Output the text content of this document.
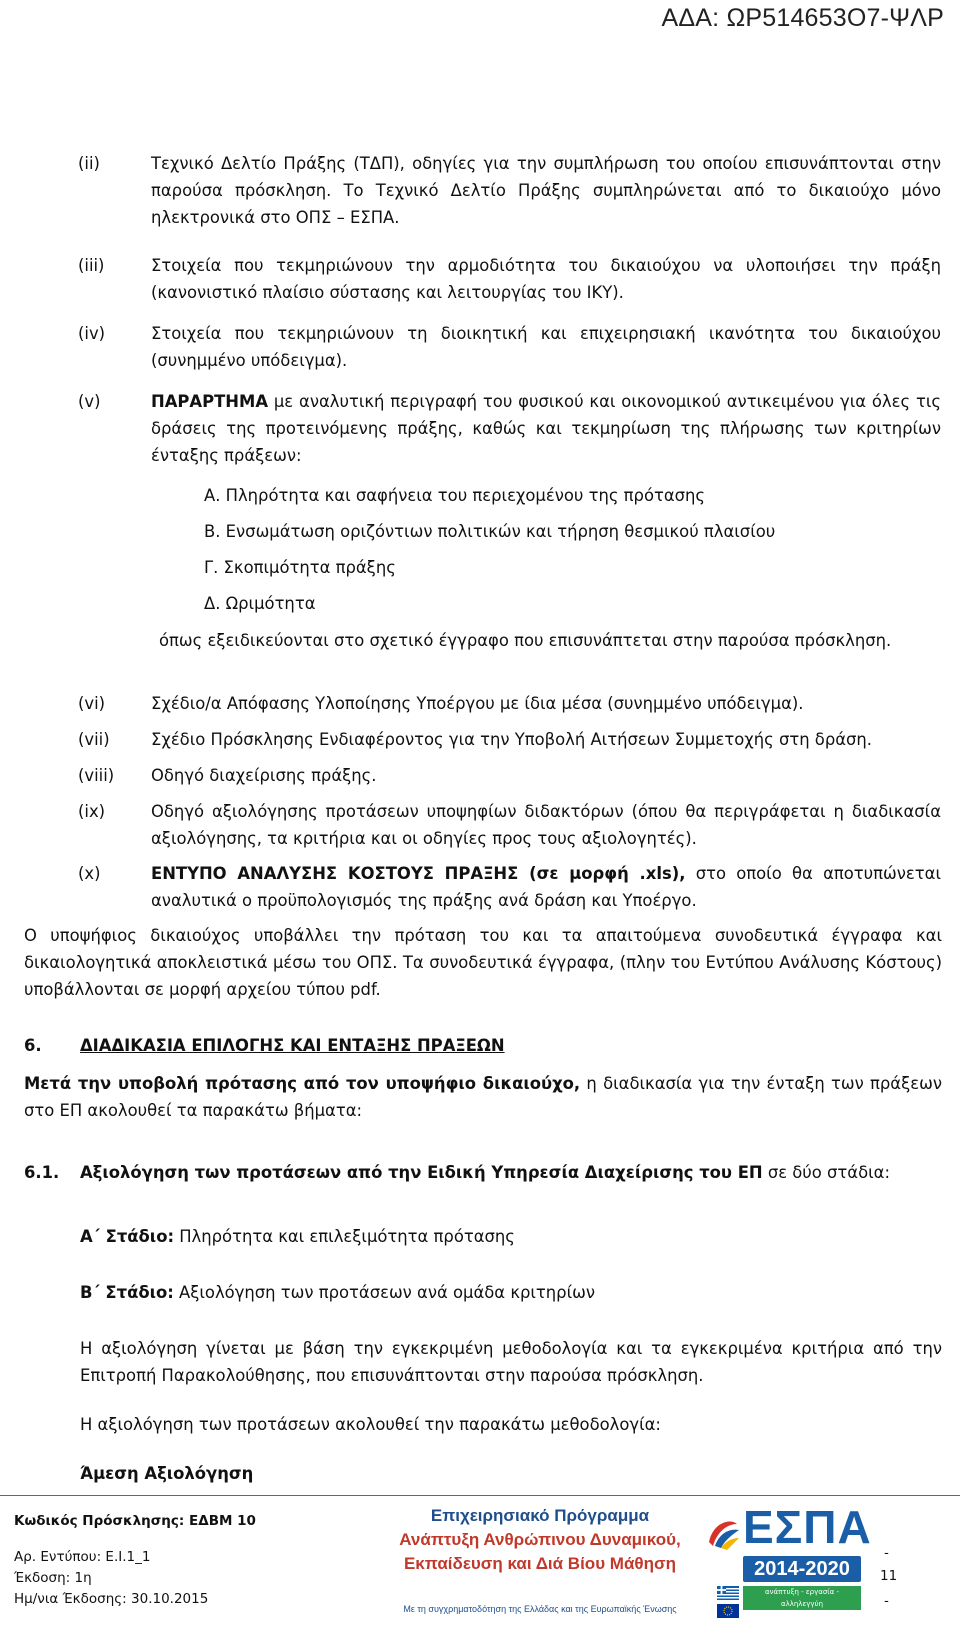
ΑΔΑ: ΩΡ514653Ο7-ΨΛΡ
(ii)	Τεχνικό Δελτίο Πράξης (ΤΔΠ), οδηγίες για την συμπλήρωση του οποίου επισυνάπτονται στην παρούσα πρόσκληση. Το Τεχνικό Δελτίο Πράξης συμπληρώνεται από το δικαιούχο μόνο ηλεκτρονικά στο ΟΠΣ – ΕΣΠΑ.
(iii)	Στοιχεία που τεκμηριώνουν την αρμοδιότητα του δικαιούχου να υλοποιήσει την πράξη (κανονιστικό πλαίσιο σύστασης και λειτουργίας του ΙΚΥ).
(iv)	Στοιχεία που τεκμηριώνουν τη διοικητική και επιχειρησιακή ικανότητα του δικαιούχου (συνημμένο υπόδειγμα).
(v)	ΠΑΡΑΡΤΗΜΑ με αναλυτική περιγραφή του φυσικού και οικονομικού αντικειμένου για όλες τις δράσεις της προτεινόμενης πράξης, καθώς και τεκμηρίωση της πλήρωσης των κριτηρίων ένταξης πράξεων:
Α. Πληρότητα και σαφήνεια του περιεχομένου της πρότασης
Β. Ενσωμάτωση οριζόντιων πολιτικών και τήρηση θεσμικού πλαισίου
Γ. Σκοπιμότητα πράξης
Δ. Ωριμότητα
όπως εξειδικεύονται στο σχετικό έγγραφο που επισυνάπτεται στην παρούσα πρόσκληση.
(vi)	Σχέδιο/α Απόφασης Υλοποίησης Υποέργου με ίδια μέσα (συνημμένο υπόδειγμα).
(vii)	Σχέδιο Πρόσκλησης Ενδιαφέροντος για την Υποβολή Αιτήσεων Συμμετοχής στη δράση.
(viii) Οδηγό διαχείρισης πράξης.
(ix)	Οδηγό αξιολόγησης προτάσεων υποψηφίων διδακτόρων (όπου θα περιγράφεται η διαδικασία αξιολόγησης, τα κριτήρια και οι οδηγίες προς τους αξιολογητές).
(x)	ΕΝΤΥΠΟ ΑΝΑΛΥΣΗΣ ΚΟΣΤΟΥΣ ΠΡΑΞΗΣ (σε μορφή .xls), στο οποίο θα αποτυπώνεται αναλυτικά ο προϋπολογισμός της πράξης ανά δράση και Υποέργο.
Ο υποψήφιος δικαιούχος υποβάλλει την πρόταση του και τα απαιτούμενα συνοδευτικά έγγραφα και δικαιολογητικά αποκλειστικά μέσω του ΟΠΣ. Τα συνοδευτικά έγγραφα, (πλην του Εντύπου Ανάλυσης Κόστους) υποβάλλονται σε μορφή αρχείου τύπου pdf.
6. ΔΙΑΔΙΚΑΣΙΑ ΕΠΙΛΟΓΗΣ ΚΑΙ ΕΝΤΑΞΗΣ ΠΡΑΞΕΩΝ
Μετά την υποβολή πρότασης από τον υποψήφιο δικαιούχο, η διαδικασία για την ένταξη των πράξεων στο ΕΠ ακολουθεί τα παρακάτω βήματα:
6.1. Αξιολόγηση των προτάσεων από την Ειδική Υπηρεσία Διαχείρισης του ΕΠ σε δύο στάδια:
Α΄ Στάδιο: Πληρότητα και επιλεξιμότητα πρότασης
Β΄ Στάδιο: Αξιολόγηση των προτάσεων ανά ομάδα κριτηρίων
Η αξιολόγηση γίνεται με βάση την εγκεκριμένη μεθοδολογία και τα εγκεκριμένα κριτήρια από την Επιτροπή Παρακολούθησης, που επισυνάπτονται στην παρούσα πρόσκληση.
Η αξιολόγηση των προτάσεων ακολουθεί την παρακάτω μεθοδολογία:
Άμεση Αξιολόγηση
Κωδικός Πρόσκλησης: ΕΔΒΜ 10
Αρ. Εντύπου: Ε.Ι.1_1
Έκδοση: 1η
Ημ/νια Έκδοσης: 30.10.2015
Επιχειρησιακό Πρόγραμμα
Ανάπτυξη Ανθρώπινου Δυναμικού,
Εκπαίδευση και Διά Βίου Μάθηση
Με τη συγχρηματοδότηση της Ελλάδας και της Ευρωπαϊκής Ένωσης
ΕΣΠΑ
2014-2020
ανάπτυξη - εργασία - αλληλεγγύη
-
11
-
